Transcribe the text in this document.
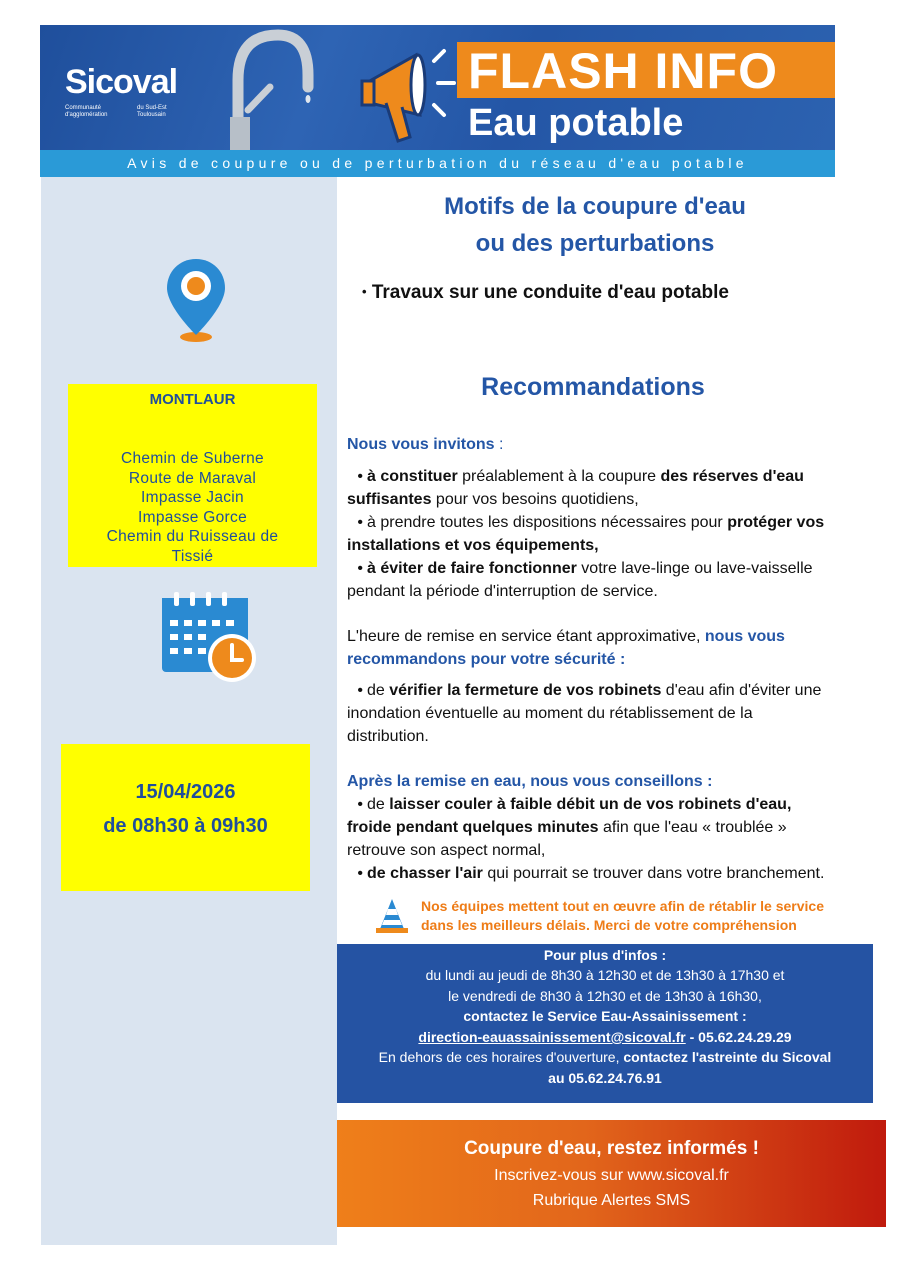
Sicoval
Communauté d'agglomération
du Sud-Est Toulousain
FLASH INFO
Eau potable
Avis de coupure ou de perturbation du réseau d'eau potable
MONTLAUR
Chemin de Suberne
Route de Maraval
Impasse Jacin
Impasse Gorce
Chemin du Ruisseau de
Tissié
15/04/2026
de 08h30 à 09h30
Motifs de la coupure d'eau
ou des perturbations
• Travaux sur une conduite d'eau potable
Recommandations
Nous vous invitons :
• à constituer préalablement à la coupure des réserves d'eau
suffisantes pour vos besoins quotidiens,
• à prendre toutes les dispositions nécessaires pour protéger vos
installations et vos équipements,
• à éviter de faire fonctionner votre lave-linge ou lave-vaisselle
pendant la période d'interruption de service.
L'heure de remise en service étant approximative, nous vous
recommandons pour votre sécurité :
• de vérifier la fermeture de vos robinets d'eau afin d'éviter une
inondation éventuelle au moment du rétablissement de la
distribution.
Après la remise en eau, nous vous conseillons :
• de laisser couler à faible débit un de vos robinets d'eau,
froide pendant quelques minutes afin que l'eau « troublée »
retrouve son aspect normal,
• de chasser l'air qui pourrait se trouver dans votre branchement.
Nos équipes mettent tout en œuvre afin de rétablir le service
dans les meilleurs délais. Merci de votre compréhension
Pour plus d'infos :
du lundi au jeudi de 8h30 à 12h30 et de 13h30 à 17h30 et
le vendredi de 8h30 à 12h30 et de 13h30 à 16h30,
contactez le Service Eau-Assainissement :
direction-eauassainissement@sicoval.fr - 05.62.24.29.29
En dehors de ces horaires d'ouverture, contactez l'astreinte du Sicoval
au 05.62.24.76.91
Coupure d'eau, restez informés !
Inscrivez-vous sur www.sicoval.fr
Rubrique Alertes SMS
